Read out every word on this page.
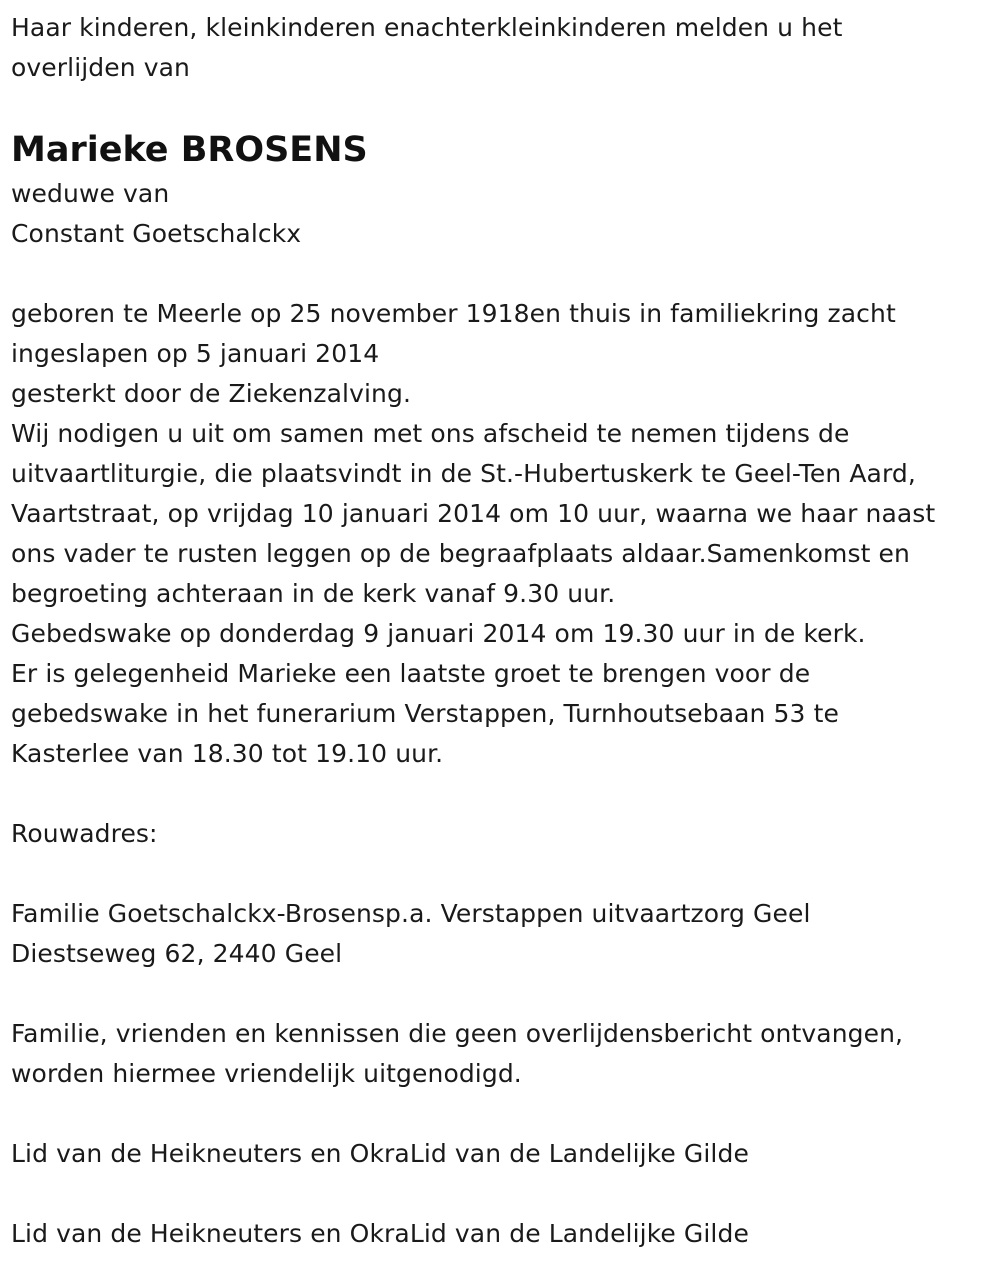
Haar kinderen, kleinkinderen enachterkleinkinderen melden u het
overlijden van
Marieke BROSENS
weduwe van
Constant Goetschalckx
geboren te Meerle op 25 november 1918en thuis in familiekring zacht
ingeslapen op 5 januari 2014
gesterkt door de Ziekenzalving.
Wij nodigen u uit om samen met ons afscheid te nemen tijdens de
uitvaartliturgie, die plaatsvindt in de St.-Hubertuskerk te Geel-Ten Aard,
Vaartstraat, op vrijdag 10 januari 2014 om 10 uur, waarna we haar naast
ons vader te rusten leggen op de begraafplaats aldaar.Samenkomst en
begroeting achteraan in de kerk vanaf 9.30 uur.
Gebedswake op donderdag 9 januari 2014 om 19.30 uur in de kerk.
Er is gelegenheid Marieke een laatste groet te brengen voor de
gebedswake in het funerarium Verstappen, Turnhoutsebaan 53 te
Kasterlee van 18.30 tot 19.10 uur.
Rouwadres:
Familie Goetschalckx-Brosensp.a. Verstappen uitvaartzorg Geel
Diestseweg 62, 2440 Geel
Familie, vrienden en kennissen die geen overlijdensbericht ontvangen,
worden hiermee vriendelijk uitgenodigd.
Lid van de Heikneuters en OkraLid van de Landelijke Gilde
Lid van de Heikneuters en OkraLid van de Landelijke Gilde
